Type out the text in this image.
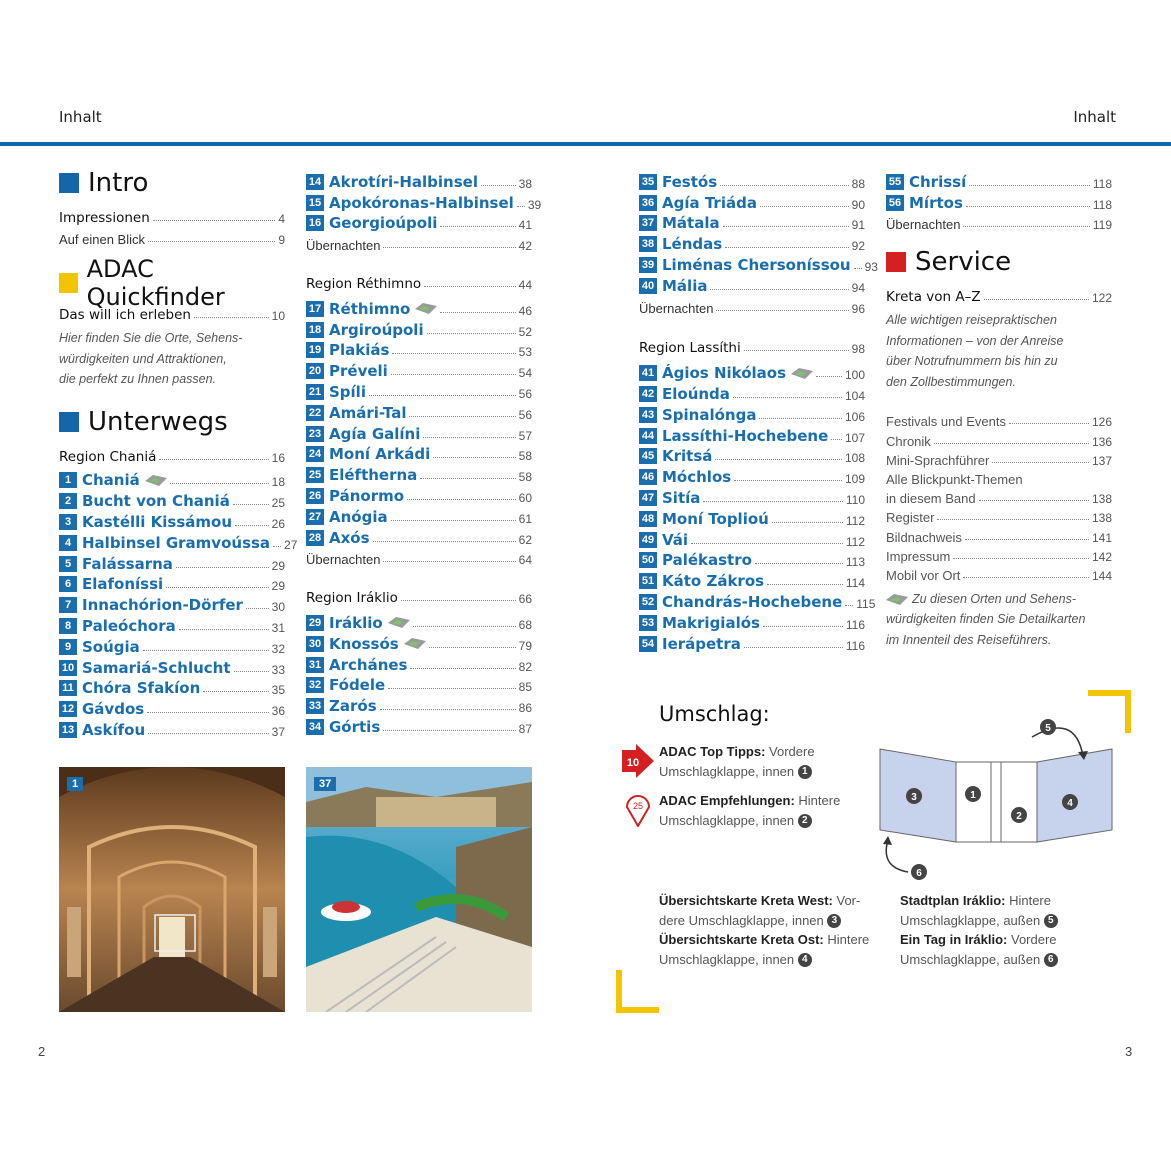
Inhalt	Inhalt
Intro
Impressionen	4
Auf einen Blick	9
ADAC Quickfinder
Das will ich erleben	10
Hier finden Sie die Orte, Sehens-
würdigkeiten und Attraktionen,
die perfekt zu Ihnen passen.
Unterwegs
Region Chaniá	16
1 Chaniá	18
2 Bucht von Chaniá	25
3 Kastélli Kissámou	26
4 Halbinsel Gramvoússa 27
5 Falássarna	29
6 Elafoníssi	29
7 Innachórion-Dörfer 30
8 Paleóchora	31
9 Soúgia	32
10 Samariá-Schlucht	33
11 Chóra Sfakíon	35
12 Gávdos	36
13 Askífou	37
14 Akrotíri-Halbinsel	38
15 Apokóronas-Halbinsel 39
16 Georgioúpoli	41
Übernachten	42
Region Réthimno	44
17 Réthimno	46
18 Argiroúpoli	52
19 Plakiás	53
20 Préveli	54
21 Spíli	56
22 Amári-Tal	56
23 Agía Galíni	57
24 Moní Arkádi	58
25 Eléftherna	58
26 Pánormo	60
27 Anógia	61
28 Axós	62
Übernachten	64
Region Iráklio	66
29 Iráklio	68
30 Knossós	79
31 Archánes	82
32 Fódele	85
33 Zarós	86
34 Górtis	87
35 Festós	88
36 Agía Triáda	90
37 Mátala	91
38 Léndas	92
39 Liménas Chersoníssou 93
40 Mália	94
Übernachten	96
Region Lassíthi	98
41 Ágios Nikólaos	100
42 Eloúnda	104
43 Spinalónga	106
44 Lassíthi-Hochebene 107
45 Kritsá	108
46 Móchlos	109
47 Sitía	110
48 Moní Toplioú	112
49 Vái	112
50 Palékastro	113
51 Káto Zákros	114
52 Chandrás-Hochebene 115
53 Makrigialós	116
54 Ierápetra	116
55 Chrissí	118
56 Mírtos	118
Übernachten	119
Service
Kreta von A–Z	122
Alle wichtigen reisepraktischen
Informationen – von der Anreise
über Notrufnummern bis hin zu
den Zollbestimmungen.
Festivals und Events	126
Chronik	136
Mini-Sprachführer	137
Alle Blickpunkt-Themen
in diesem Band	138
Register	138
Bildnachweis	141
Impressum	142
Mobil vor Ort	144
Zu diesen Orten und Sehens-
würdigkeiten finden Sie Detailkarten
im Innenteil des Reiseführers.
1	37
Umschlag:
10
ADAC Top Tipps: Vordere
Umschlagklappe, innen 1
25 ADAC Empfehlungen: Hintere
Umschlagklappe, innen 2
3	1
2
4
5
6
Übersichtskarte Kreta West: Vor-
dere Umschlagklappe, innen 3
Übersichtskarte Kreta Ost: Hintere
Umschlagklappe, innen 4
Stadtplan Iráklio: Hintere
Umschlagklappe, außen 5
Ein Tag in Iráklio: Vordere
Umschlagklappe, außen 6
2	3
